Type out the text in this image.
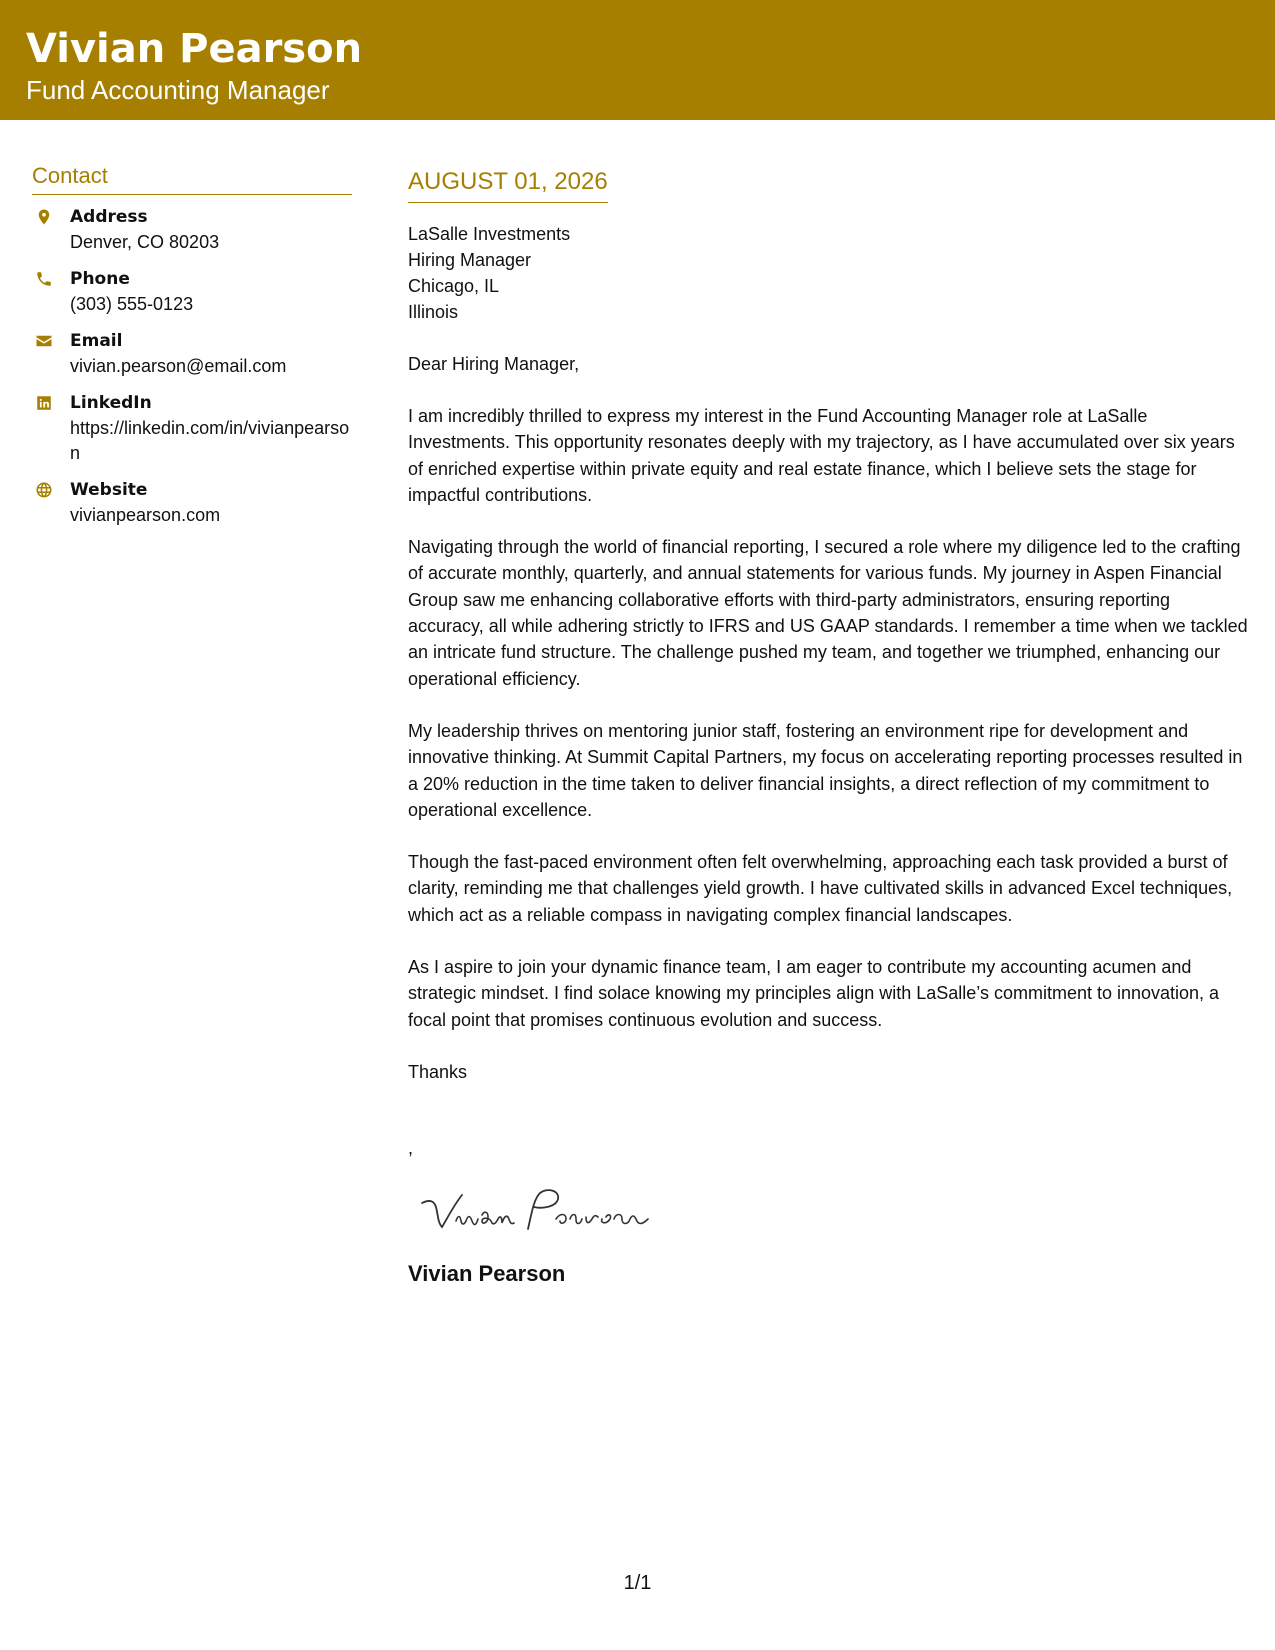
Vivian Pearson
Fund Accounting Manager
Contact
Address
Denver, CO 80203
Phone
(303) 555-0123
Email
vivian.pearson@email.com
LinkedIn
https://linkedin.com/in/vivianpearson
Website
vivianpearson.com
AUGUST 01, 2026
LaSalle Investments
Hiring Manager
Chicago, IL
Illinois
Dear Hiring Manager,

I am incredibly thrilled to express my interest in the Fund Accounting Manager role at LaSalle Investments. This opportunity resonates deeply with my trajectory, as I have accumulated over six years of enriched expertise within private equity and real estate finance, which I believe sets the stage for impactful contributions.

Navigating through the world of financial reporting, I secured a role where my diligence led to the crafting of accurate monthly, quarterly, and annual statements for various funds. My journey in Aspen Financial Group saw me enhancing collaborative efforts with third-party administrators, ensuring reporting accuracy, all while adhering strictly to IFRS and US GAAP standards. I remember a time when we tackled an intricate fund structure. The challenge pushed my team, and together we triumphed, enhancing our operational efficiency.

My leadership thrives on mentoring junior staff, fostering an environment ripe for development and innovative thinking. At Summit Capital Partners, my focus on accelerating reporting processes resulted in a 20% reduction in the time taken to deliver financial insights, a direct reflection of my commitment to operational excellence.

Though the fast-paced environment often felt overwhelming, approaching each task provided a burst of clarity, reminding me that challenges yield growth. I have cultivated skills in advanced Excel techniques, which act as a reliable compass in navigating complex financial landscapes.

As I aspire to join your dynamic finance team, I am eager to contribute my accounting acumen and strategic mindset. I find solace knowing my principles align with LaSalle’s commitment to innovation, a focal point that promises continuous evolution and success.

Thanks
,
Vivian Pearson
1/1
